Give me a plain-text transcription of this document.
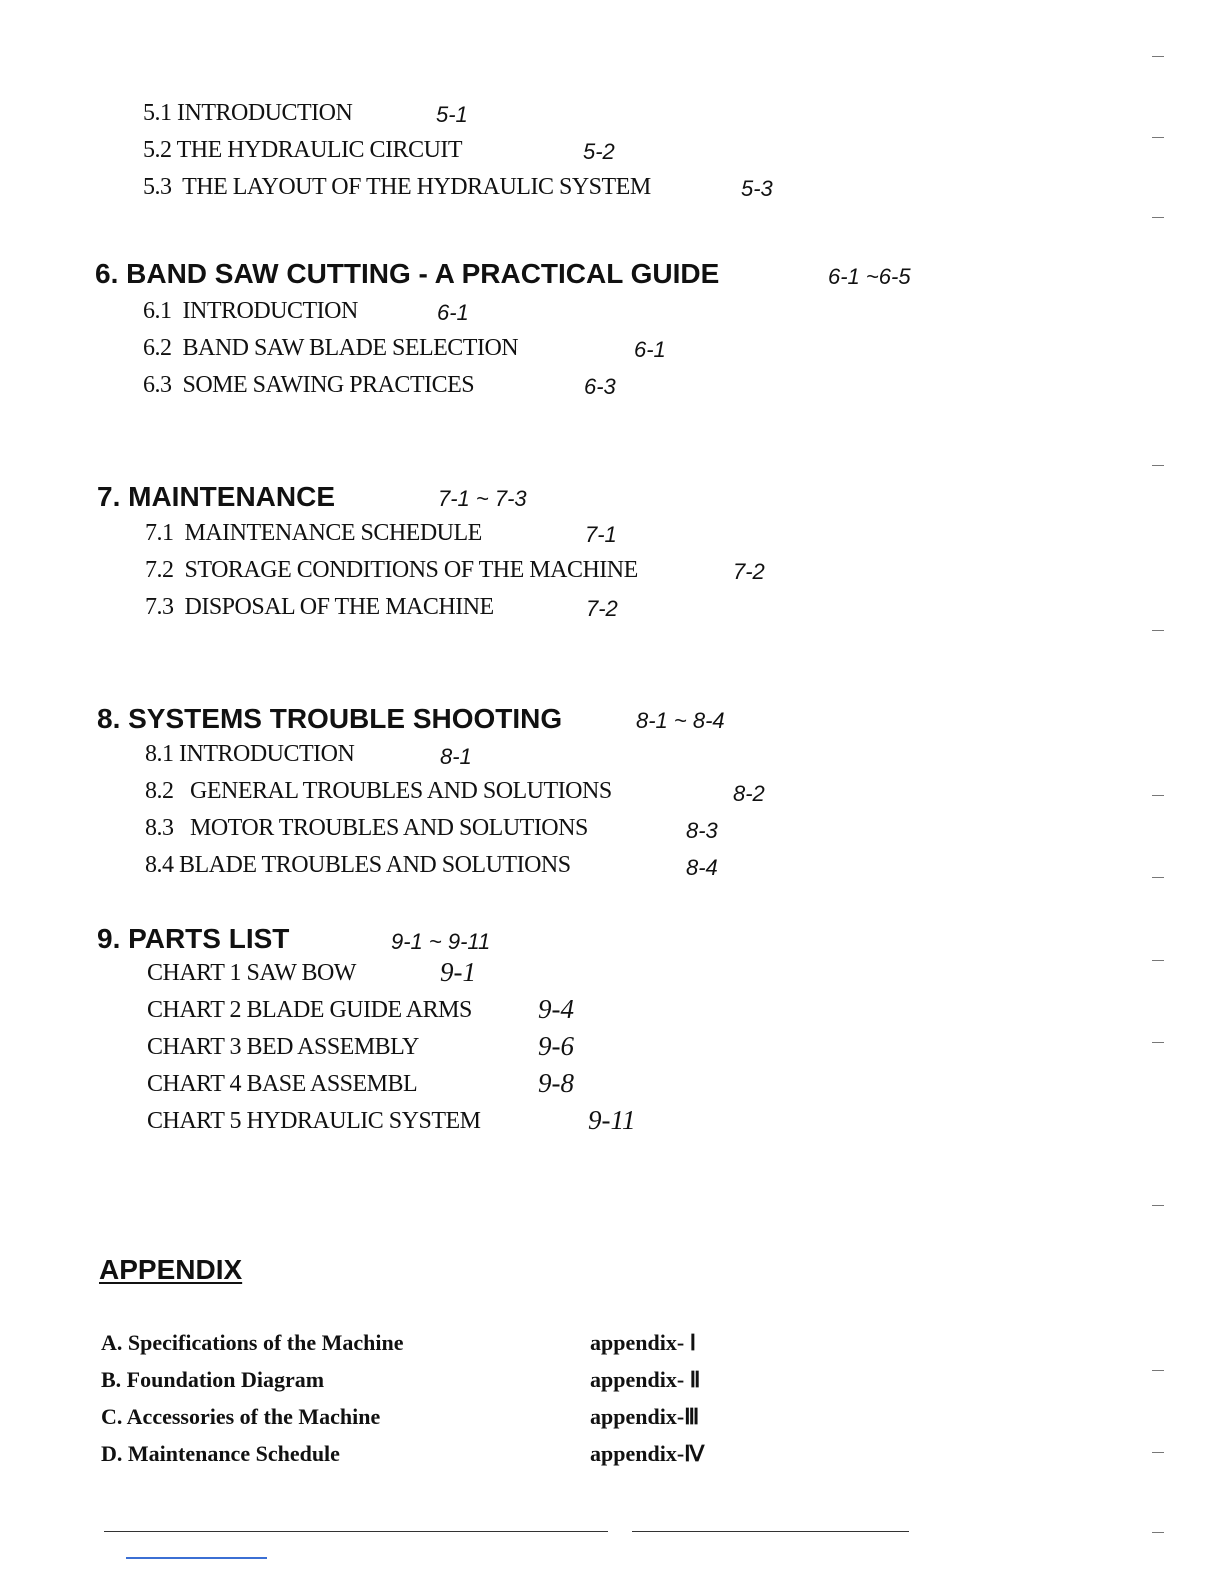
5.1 INTRODUCTION	5-1
5.2 THE HYDRAULIC CIRCUIT	5-2
5.3 THE LAYOUT OF THE HYDRAULIC SYSTEM	5-3
6. BAND SAW CUTTING - A PRACTICAL GUIDE	6-1 ~6-5
6.1 INTRODUCTION	6-1
6.2 BAND SAW BLADE SELECTION	6-1
6.3 SOME SAWING PRACTICES	6-3
7. MAINTENANCE	7-1 ~ 7-3
7.1 MAINTENANCE SCHEDULE	7-1
7.2 STORAGE CONDITIONS OF THE MACHINE	7-2
7.3 DISPOSAL OF THE MACHINE	7-2
8. SYSTEMS TROUBLE SHOOTING	8-1 ~ 8-4
8.1 INTRODUCTION	8-1
8.2 GENERAL TROUBLES AND SOLUTIONS	8-2
8.3 MOTOR TROUBLES AND SOLUTIONS	8-3
8.4 BLADE TROUBLES AND SOLUTIONS	8-4
9. PARTS LIST	9-1 ~ 9-11
CHART 1 SAW BOW	9-1
CHART 2 BLADE GUIDE ARMS 9-4
CHART 3 BED ASSEMBLY	9-6
CHART 4 BASE ASSEMBL	9-8
CHART 5 HYDRAULIC SYSTEM	9-11
APPENDIX
A. Specifications of the Machine	appendix- Ⅰ
B. Foundation Diagram	appendix- Ⅱ
C. Accessories of the Machine	appendix-Ⅲ
D. Maintenance Schedule	appendix-Ⅳ
